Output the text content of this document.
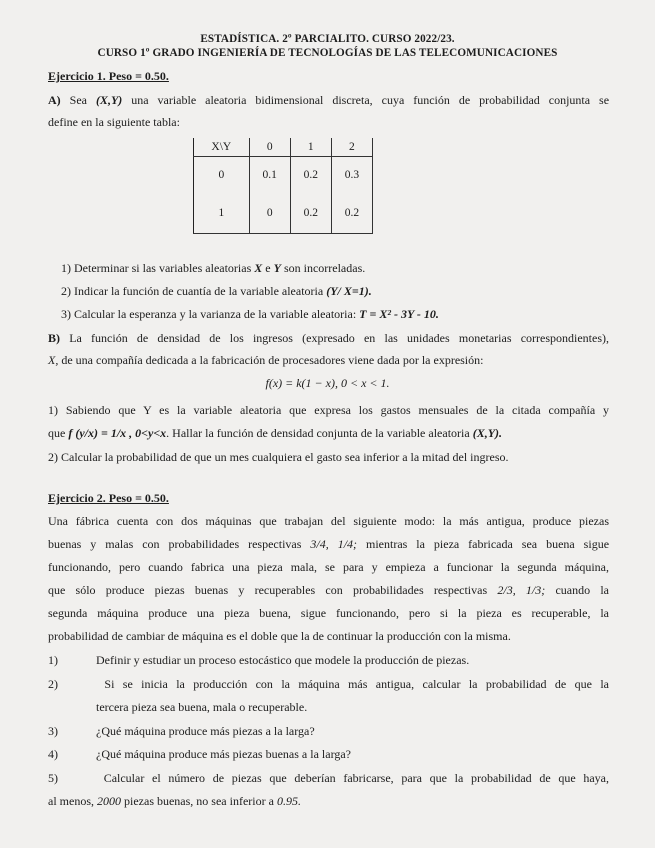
ESTADÍSTICA. 2º PARCIALITO. CURSO 2022/23.
CURSO 1º GRADO INGENIERÍA DE TECNOLOGÍAS DE LAS TELECOMUNICACIONES
Ejercicio 1. Peso = 0.50.
A) Sea (X,Y) una variable aleatoria bidimensional discreta, cuya función de probabilidad conjunta se
define en la siguiente tabla:
X\Y	0	1	2
0	0.1	0.2	0.3
1	0	0.2	0.2
1) Determinar si las variables aleatorias X e Y son incorreladas.
2) Indicar la función de cuantía de la variable aleatoria (Y/ X=1).
3) Calcular la esperanza y la varianza de la variable aleatoria: T = X² - 3Y - 10.
B) La función de densidad de los ingresos (expresado en las unidades monetarias correspondientes),
X, de una compañía dedicada a la fabricación de procesadores viene dada por la expresión:
f(x) = k(1 − x), 0 < x < 1.
1) Sabiendo que Y es la variable aleatoria que expresa los gastos mensuales de la citada compañía y
que f (y/x) = 1/x , 0<y<x. Hallar la función de densidad conjunta de la variable aleatoria (X,Y).
2) Calcular la probabilidad de que un mes cualquiera el gasto sea inferior a la mitad del ingreso.
Ejercicio 2. Peso = 0.50.
Una fábrica cuenta con dos máquinas que trabajan del siguiente modo: la más antigua, produce piezas
buenas y malas con probabilidades respectivas 3/4, 1/4; mientras la pieza fabricada sea buena sigue
funcionando, pero cuando fabrica una pieza mala, se para y empieza a funcionar la segunda máquina,
que sólo produce piezas buenas y recuperables con probabilidades respectivas 2/3, 1/3; cuando la
segunda máquina produce una pieza buena, sigue funcionando, pero si la pieza es recuperable, la
probabilidad de cambiar de máquina es el doble que la de continuar la producción con la misma.
1)	Definir y estudiar un proceso estocástico que modele la producción de piezas.
2)	Si se inicia la producción con la máquina más antigua, calcular la probabilidad de que la
tercera pieza sea buena, mala o recuperable.
3)	¿Qué máquina produce más piezas a la larga?
4)	¿Qué máquina produce más piezas buenas a la larga?
5)	Calcular el número de piezas que deberían fabricarse, para que la probabilidad de que haya,
al menos, 2000 piezas buenas, no sea inferior a 0.95.
